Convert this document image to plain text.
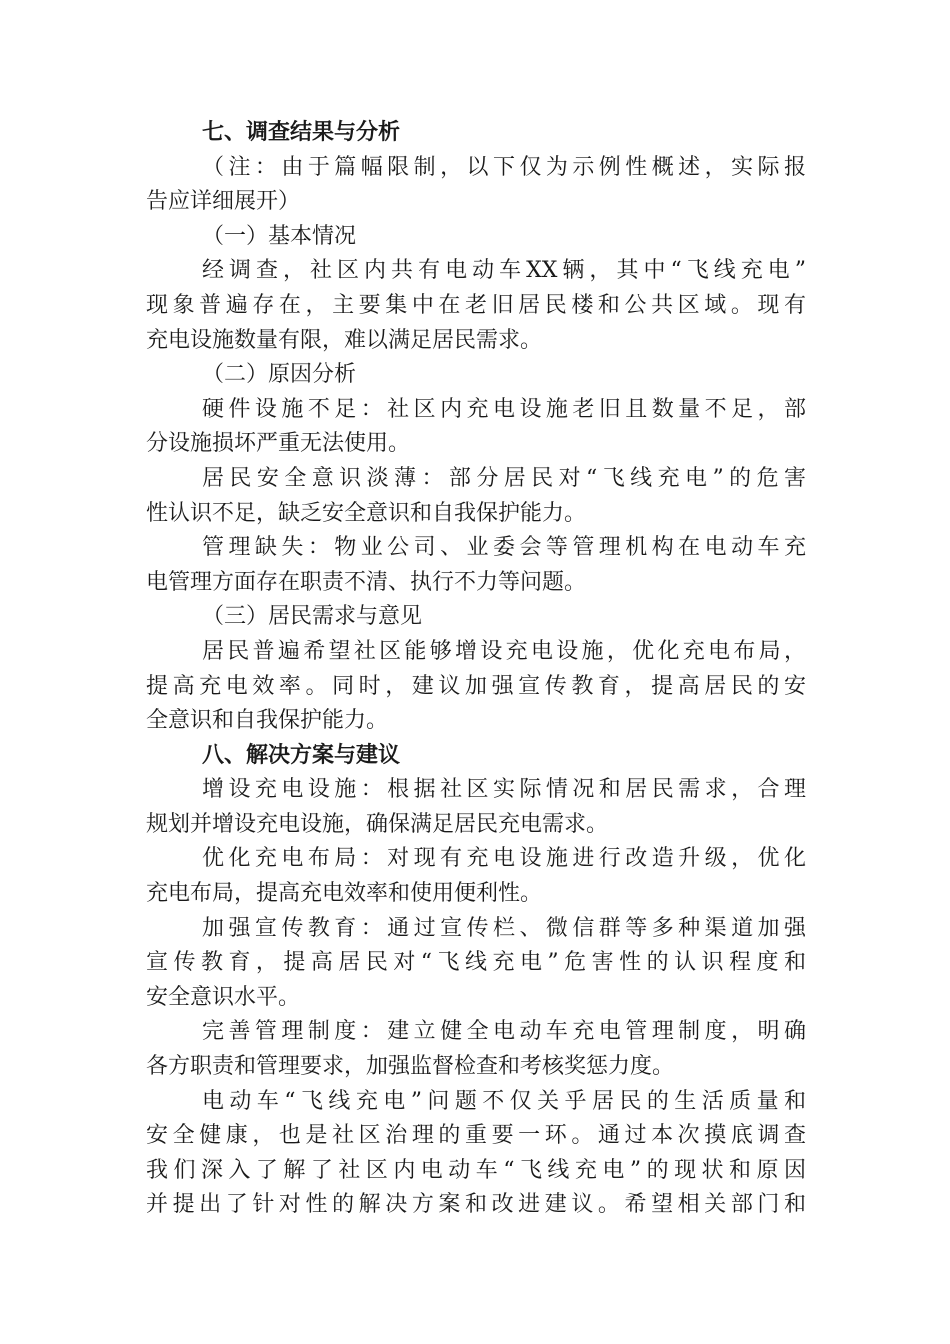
七、调查结果与分析
（注：由于篇幅限制，以下仅为示例性概述，实际报
告应详细展开）
（一）基本情况
经调查，社区内共有电动车XX辆，其中“飞线充电”
现象普遍存在，主要集中在老旧居民楼和公共区域。现有
充电设施数量有限，难以满足居民需求。
（二）原因分析
硬件设施不足：社区内充电设施老旧且数量不足，部
分设施损坏严重无法使用。
居民安全意识淡薄：部分居民对“飞线充电”的危害
性认识不足，缺乏安全意识和自我保护能力。
管理缺失：物业公司、业委会等管理机构在电动车充
电管理方面存在职责不清、执行不力等问题。
（三）居民需求与意见
居民普遍希望社区能够增设充电设施，优化充电布局，
提高充电效率。同时，建议加强宣传教育，提高居民的安
全意识和自我保护能力。
八、解决方案与建议
增设充电设施：根据社区实际情况和居民需求，合理
规划并增设充电设施，确保满足居民充电需求。
优化充电布局：对现有充电设施进行改造升级，优化
充电布局，提高充电效率和使用便利性。
加强宣传教育：通过宣传栏、微信群等多种渠道加强
宣传教育，提高居民对“飞线充电”危害性的认识程度和
安全意识水平。
完善管理制度：建立健全电动车充电管理制度，明确
各方职责和管理要求，加强监督检查和考核奖惩力度。
电动车“飞线充电”问题不仅关乎居民的生活质量和
安全健康，也是社区治理的重要一环。通过本次摸底调查
我们深入了解了社区内电动车“飞线充电”的现状和原因
并提出了针对性的解决方案和改进建议。希望相关部门和
